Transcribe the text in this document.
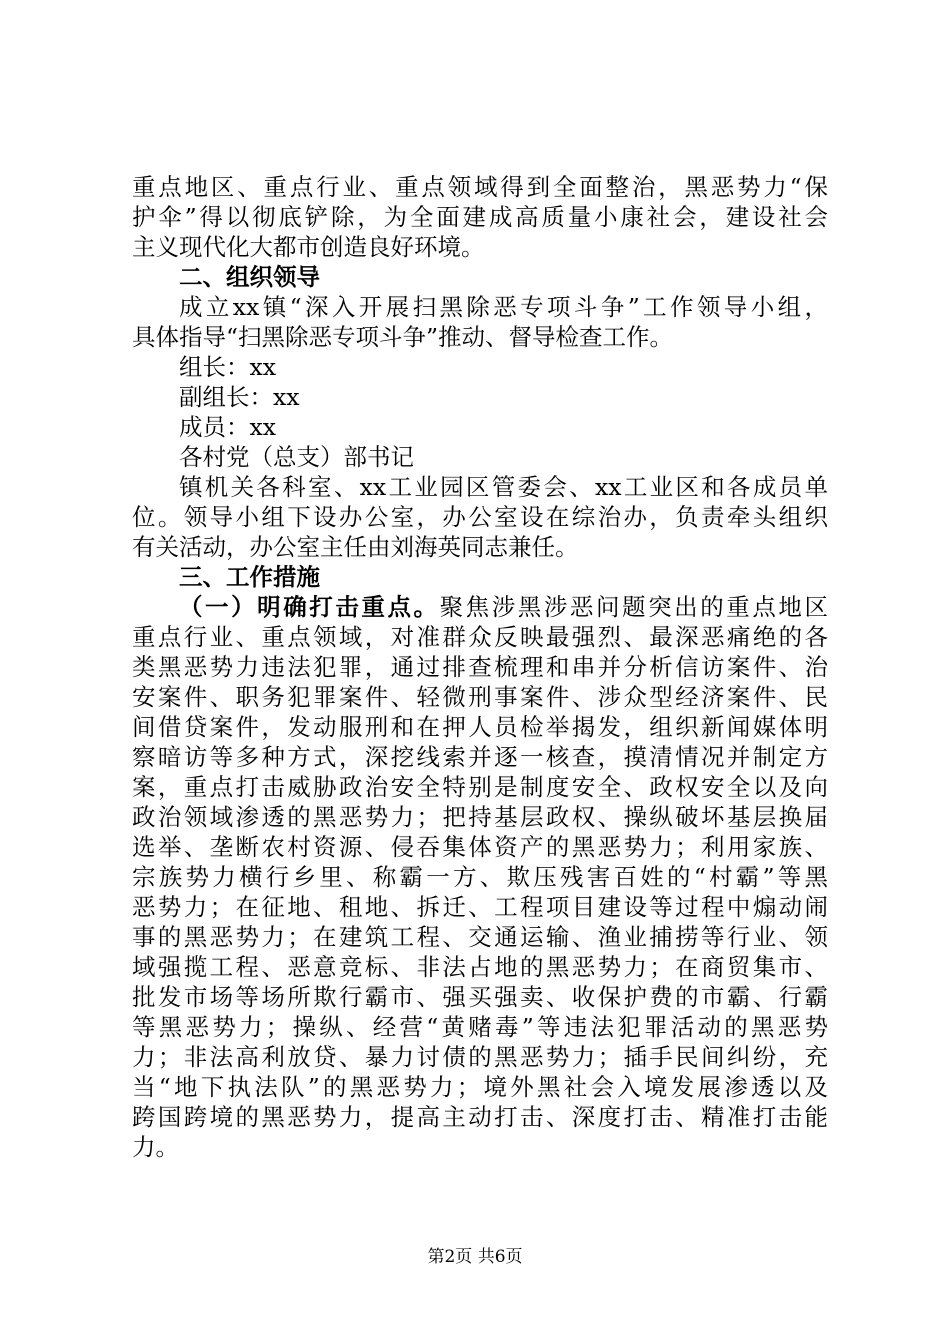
重点地区、重点行业、重点领域得到全面整治，黑恶势力“保
护伞”得以彻底铲除，为全面建成高质量小康社会，建设社会
主义现代化大都市创造良好环境。
二、组织领导
成立xx镇“深入开展扫黑除恶专项斗争”工作领导小组，
具体指导“扫黑除恶专项斗争”推动、督导检查工作。
组长：xx
副组长：xx
成员：xx
各村党（总支）部书记
镇机关各科室、xx工业园区管委会、xx工业区和各成员单
位。领导小组下设办公室，办公室设在综治办，负责牵头组织
有关活动，办公室主任由刘海英同志兼任。
三、工作措施
（一）明确打击重点。聚焦涉黑涉恶问题突出的重点地区
重点行业、重点领域，对准群众反映最强烈、最深恶痛绝的各
类黑恶势力违法犯罪，通过排查梳理和串并分析信访案件、治
安案件、职务犯罪案件、轻微刑事案件、涉众型经济案件、民
间借贷案件，发动服刑和在押人员检举揭发，组织新闻媒体明
察暗访等多种方式，深挖线索并逐一核查，摸清情况并制定方
案，重点打击威胁政治安全特别是制度安全、政权安全以及向
政治领域渗透的黑恶势力；把持基层政权、操纵破坏基层换届
选举、垄断农村资源、侵吞集体资产的黑恶势力；利用家族、
宗族势力横行乡里、称霸一方、欺压残害百姓的“村霸”等黑
恶势力；在征地、租地、拆迁、工程项目建设等过程中煽动闹
事的黑恶势力；在建筑工程、交通运输、渔业捕捞等行业、领
域强揽工程、恶意竞标、非法占地的黑恶势力；在商贸集市、
批发市场等场所欺行霸市、强买强卖、收保护费的市霸、行霸
等黑恶势力；操纵、经营“黄赌毒”等违法犯罪活动的黑恶势
力；非法高利放贷、暴力讨债的黑恶势力；插手民间纠纷，充
当“地下执法队”的黑恶势力；境外黑社会入境发展渗透以及
跨国跨境的黑恶势力，提高主动打击、深度打击、精准打击能
力。
第2页 共6页
